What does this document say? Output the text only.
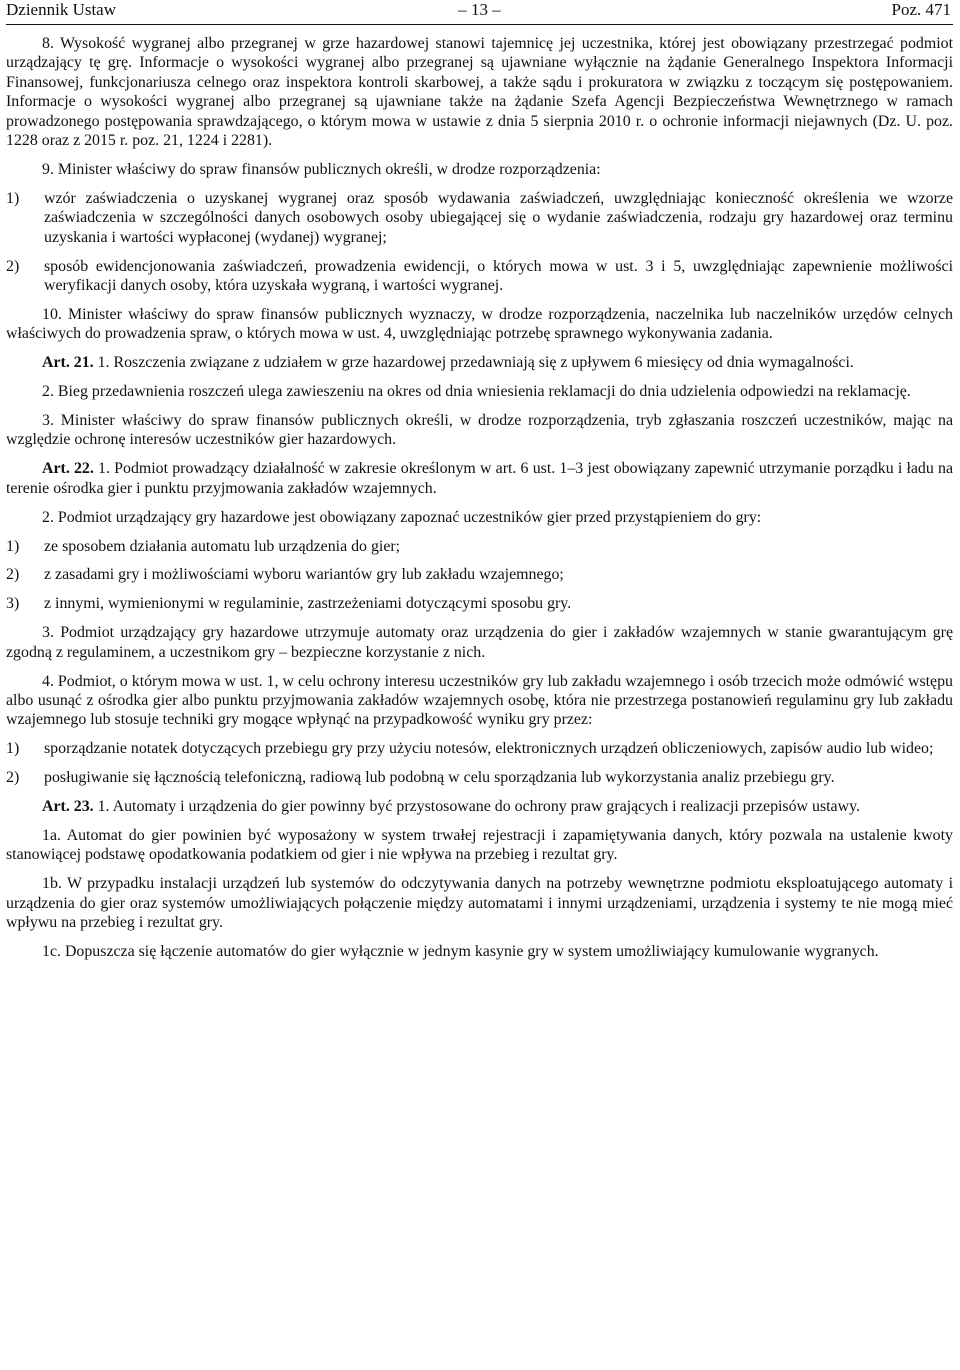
Dziennik Ustaw	– 13 –	Poz. 471

8. Wysokość wygranej albo przegranej w grze hazardowej stanowi tajemnicę jej uczestnika, której jest obowiązany przestrzegać podmiot urządzający tę grę. Informacje o wysokości wygranej albo przegranej są ujawniane wyłącznie na żądanie Generalnego Inspektora Informacji Finansowej, funkcjonariusza celnego oraz inspektora kontroli skarbowej, a także sądu i prokuratora w związku z toczącym się postępowaniem. Informacje o wysokości wygranej albo przegranej są ujawniane także na żądanie Szefa Agencji Bezpieczeństwa Wewnętrznego w ramach prowadzonego postępowania sprawdzającego, o którym mowa w ustawie z dnia 5 sierpnia 2010 r. o ochronie informacji niejawnych (Dz. U. poz. 1228 oraz z 2015 r. poz. 21, 1224 i 2281).

9. Minister właściwy do spraw finansów publicznych określi, w drodze rozporządzenia:

1) wzór zaświadczenia o uzyskanej wygranej oraz sposób wydawania zaświadczeń, uwzględniając konieczność określenia we wzorze zaświadczenia w szczególności danych osobowych osoby ubiegającej się o wydanie zaświadczenia, rodzaju gry hazardowej oraz terminu uzyskania i wartości wypłaconej (wydanej) wygranej;
2) sposób ewidencjonowania zaświadczeń, prowadzenia ewidencji, o których mowa w ust. 3 i 5, uwzględniając zapewnienie możliwości weryfikacji danych osoby, która uzyskała wygraną, i wartości wygranej.

10. Minister właściwy do spraw finansów publicznych wyznaczy, w drodze rozporządzenia, naczelnika lub naczelników urzędów celnych właściwych do prowadzenia spraw, o których mowa w ust. 4, uwzględniając potrzebę sprawnego wykonywania zadania.

Art. 21. 1. Roszczenia związane z udziałem w grze hazardowej przedawniają się z upływem 6 miesięcy od dnia wymagalności.

2. Bieg przedawnienia roszczeń ulega zawieszeniu na okres od dnia wniesienia reklamacji do dnia udzielenia odpowiedzi na reklamację.

3. Minister właściwy do spraw finansów publicznych określi, w drodze rozporządzenia, tryb zgłaszania roszczeń uczestników, mając na względzie ochronę interesów uczestników gier hazardowych.

Art. 22. 1. Podmiot prowadzący działalność w zakresie określonym w art. 6 ust. 1–3 jest obowiązany zapewnić utrzymanie porządku i ładu na terenie ośrodka gier i punktu przyjmowania zakładów wzajemnych.

2. Podmiot urządzający gry hazardowe jest obowiązany zapoznać uczestników gier przed przystąpieniem do gry:

1) ze sposobem działania automatu lub urządzenia do gier;
2) z zasadami gry i możliwościami wyboru wariantów gry lub zakładu wzajemnego;
3) z innymi, wymienionymi w regulaminie, zastrzeżeniami dotyczącymi sposobu gry.

3. Podmiot urządzający gry hazardowe utrzymuje automaty oraz urządzenia do gier i zakładów wzajemnych w stanie gwarantującym grę zgodną z regulaminem, a uczestnikom gry – bezpieczne korzystanie z nich.

4. Podmiot, o którym mowa w ust. 1, w celu ochrony interesu uczestników gry lub zakładu wzajemnego i osób trzecich może odmówić wstępu albo usunąć z ośrodka gier albo punktu przyjmowania zakładów wzajemnych osobę, która nie przestrzega postanowień regulaminu gry lub zakładu wzajemnego lub stosuje techniki gry mogące wpłynąć na przypadkowość wyniku gry przez:

1) sporządzanie notatek dotyczących przebiegu gry przy użyciu notesów, elektronicznych urządzeń obliczeniowych, zapisów audio lub wideo;
2) posługiwanie się łącznością telefoniczną, radiową lub podobną w celu sporządzania lub wykorzystania analiz przebiegu gry.

Art. 23. 1. Automaty i urządzenia do gier powinny być przystosowane do ochrony praw grających i realizacji przepisów ustawy.

1a. Automat do gier powinien być wyposażony w system trwałej rejestracji i zapamiętywania danych, który pozwala na ustalenie kwoty stanowiącej podstawę opodatkowania podatkiem od gier i nie wpływa na przebieg i rezultat gry.

1b. W przypadku instalacji urządzeń lub systemów do odczytywania danych na potrzeby wewnętrzne podmiotu eksploatującego automaty i urządzenia do gier oraz systemów umożliwiających połączenie między automatami i innymi urządzeniami, urządzenia i systemy te nie mogą mieć wpływu na przebieg i rezultat gry.

1c. Dopuszcza się łączenie automatów do gier wyłącznie w jednym kasynie gry w system umożliwiający kumulowanie wygranych.
